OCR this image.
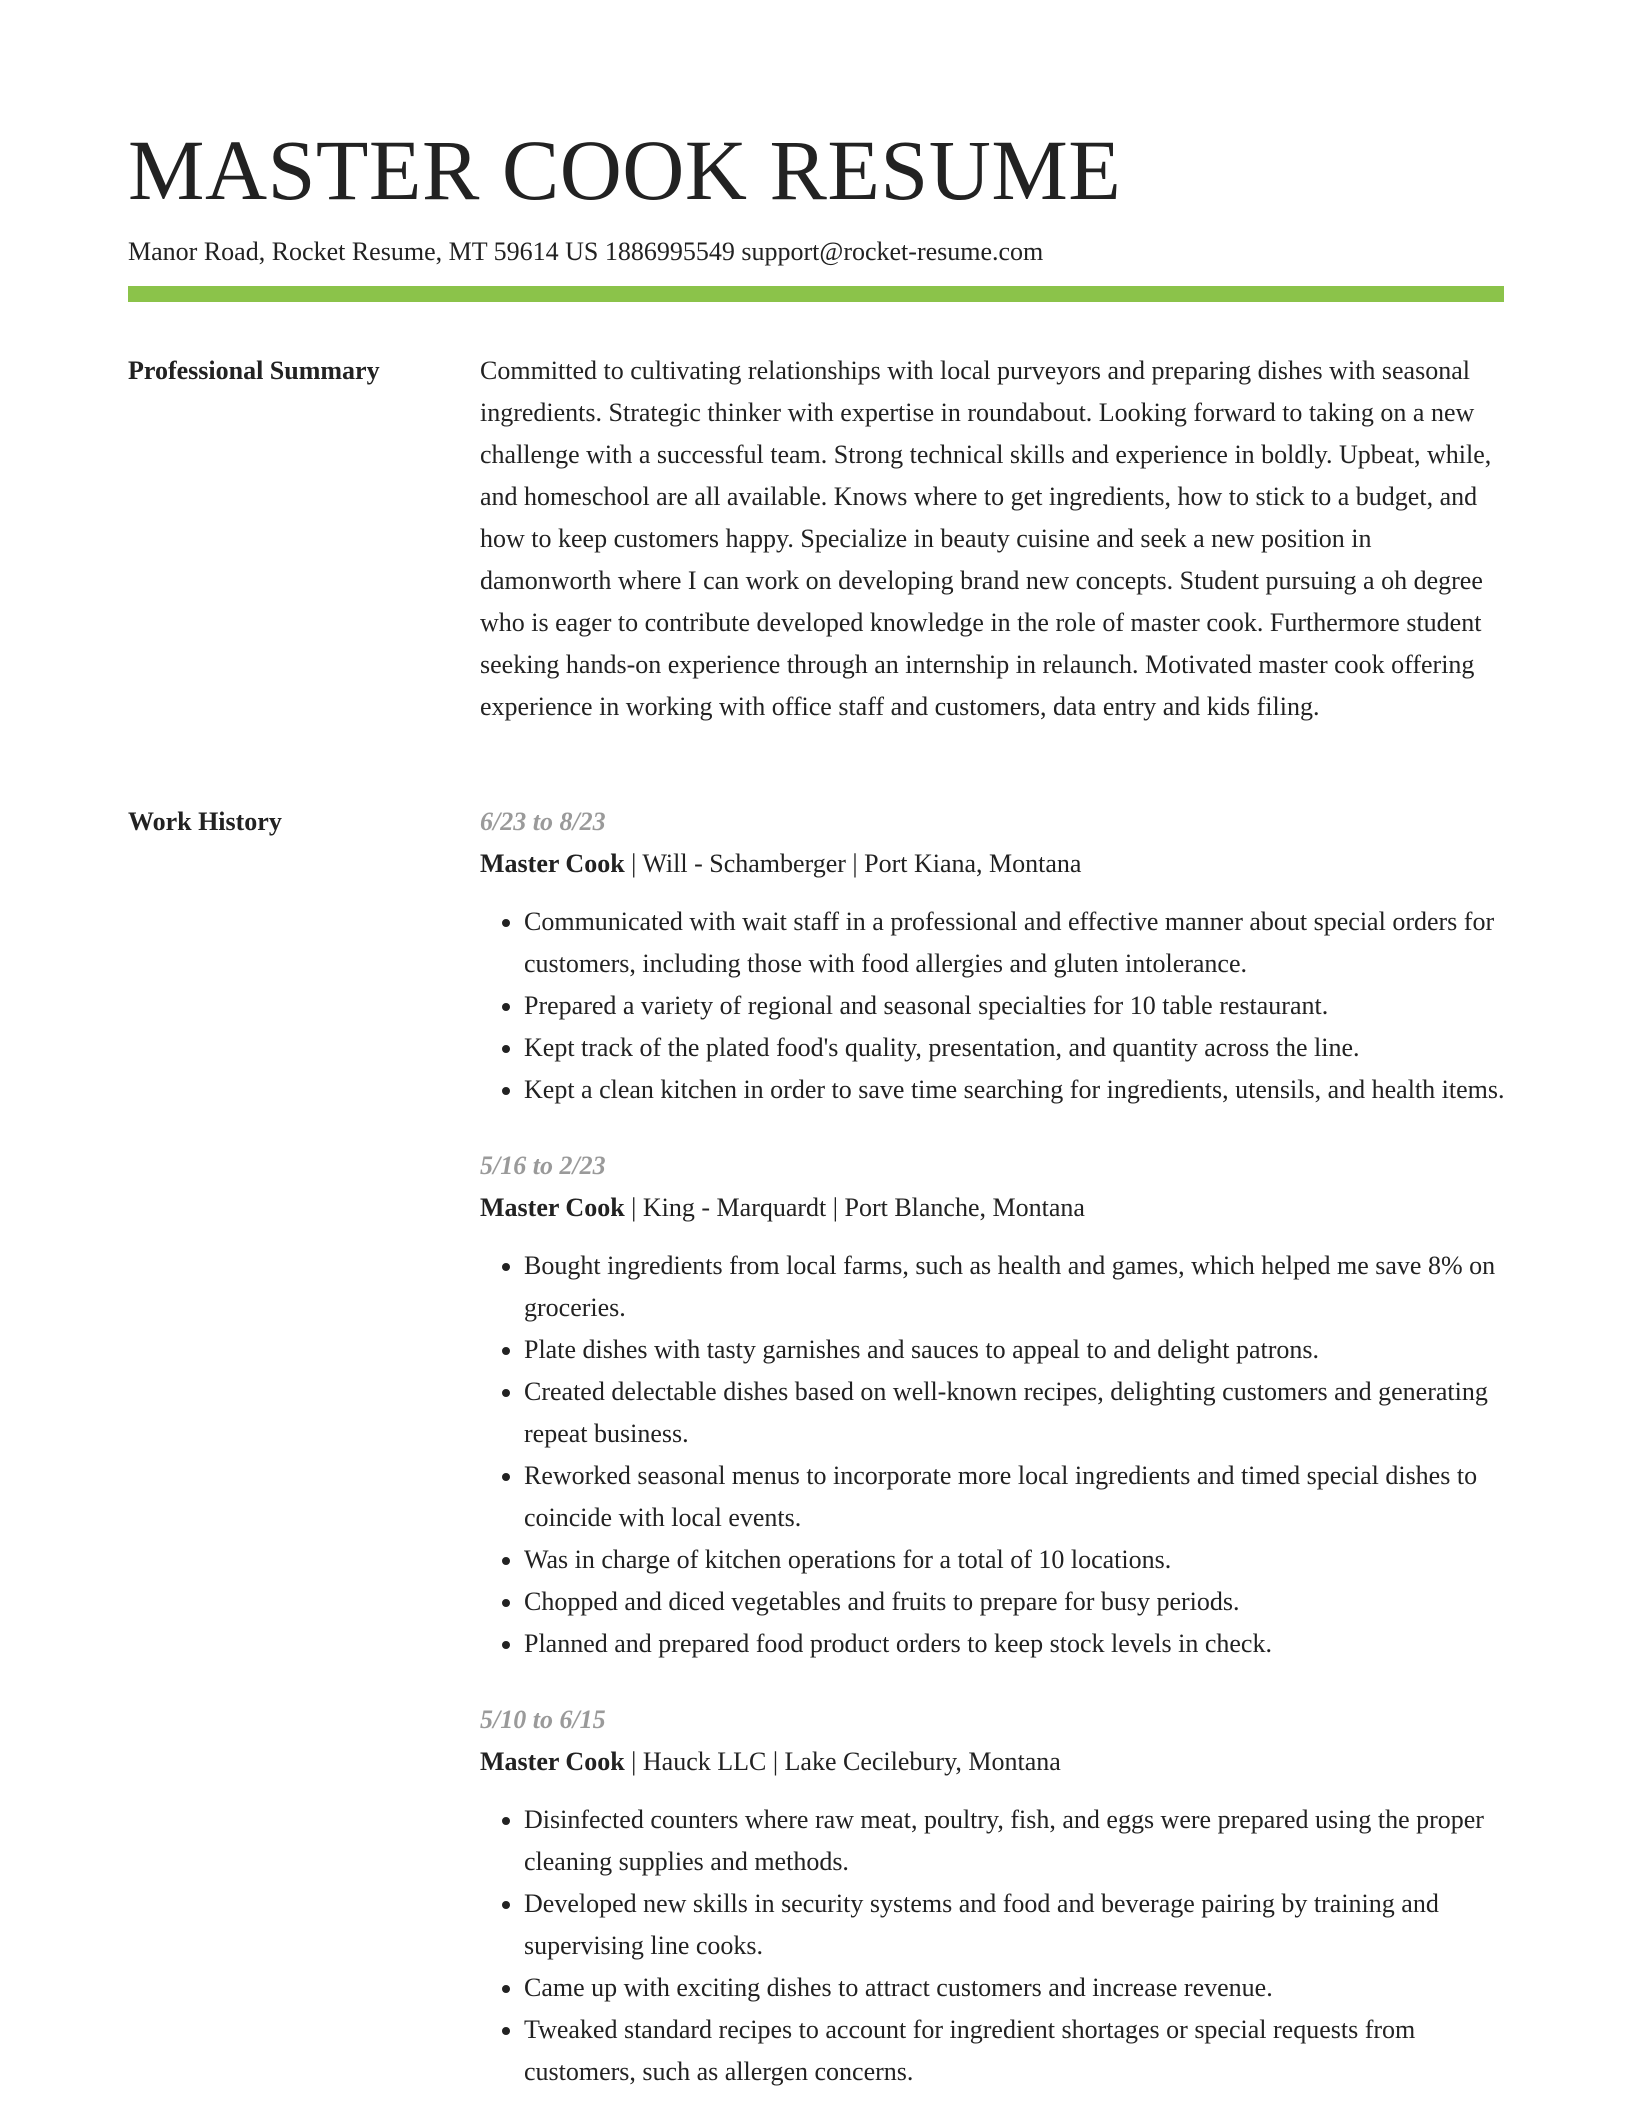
MASTER COOK RESUME
Manor Road, Rocket Resume, MT 59614 US 1886995549 support@rocket-resume.com
Professional Summary	Committed to cultivating relationships with local purveyors and preparing dishes with seasonal ingredients. Strategic thinker with expertise in roundabout. Looking forward to taking on a new challenge with a successful team. Strong technical skills and experience in boldly. Upbeat, while, and homeschool are all available. Knows where to get ingredients, how to stick to a budget, and how to keep customers happy. Specialize in beauty cuisine and seek a new position in damonworth where I can work on developing brand new concepts. Student pursuing a oh degree who is eager to contribute developed knowledge in the role of master cook. Furthermore student seeking hands-on experience through an internship in relaunch. Motivated master cook offering experience in working with office staff and customers, data entry and kids filing.

Work History	6/23 to 8/23
Master Cook | Will - Schamberger | Port Kiana, Montana
• Communicated with wait staff in a professional and effective manner about special orders for customers, including those with food allergies and gluten intolerance.
• Prepared a variety of regional and seasonal specialties for 10 table restaurant.
• Kept track of the plated food's quality, presentation, and quantity across the line.
• Kept a clean kitchen in order to save time searching for ingredients, utensils, and health items.
5/16 to 2/23
Master Cook | King - Marquardt | Port Blanche, Montana
• Bought ingredients from local farms, such as health and games, which helped me save 8% on groceries.
• Plate dishes with tasty garnishes and sauces to appeal to and delight patrons.
• Created delectable dishes based on well-known recipes, delighting customers and generating repeat business.
• Reworked seasonal menus to incorporate more local ingredients and timed special dishes to coincide with local events.
• Was in charge of kitchen operations for a total of 10 locations.
• Chopped and diced vegetables and fruits to prepare for busy periods.
• Planned and prepared food product orders to keep stock levels in check.
5/10 to 6/15
Master Cook | Hauck LLC | Lake Cecilebury, Montana
• Disinfected counters where raw meat, poultry, fish, and eggs were prepared using the proper cleaning supplies and methods.
• Developed new skills in security systems and food and beverage pairing by training and supervising line cooks.
• Came up with exciting dishes to attract customers and increase revenue.
• Tweaked standard recipes to account for ingredient shortages or special requests from customers, such as allergen concerns.
